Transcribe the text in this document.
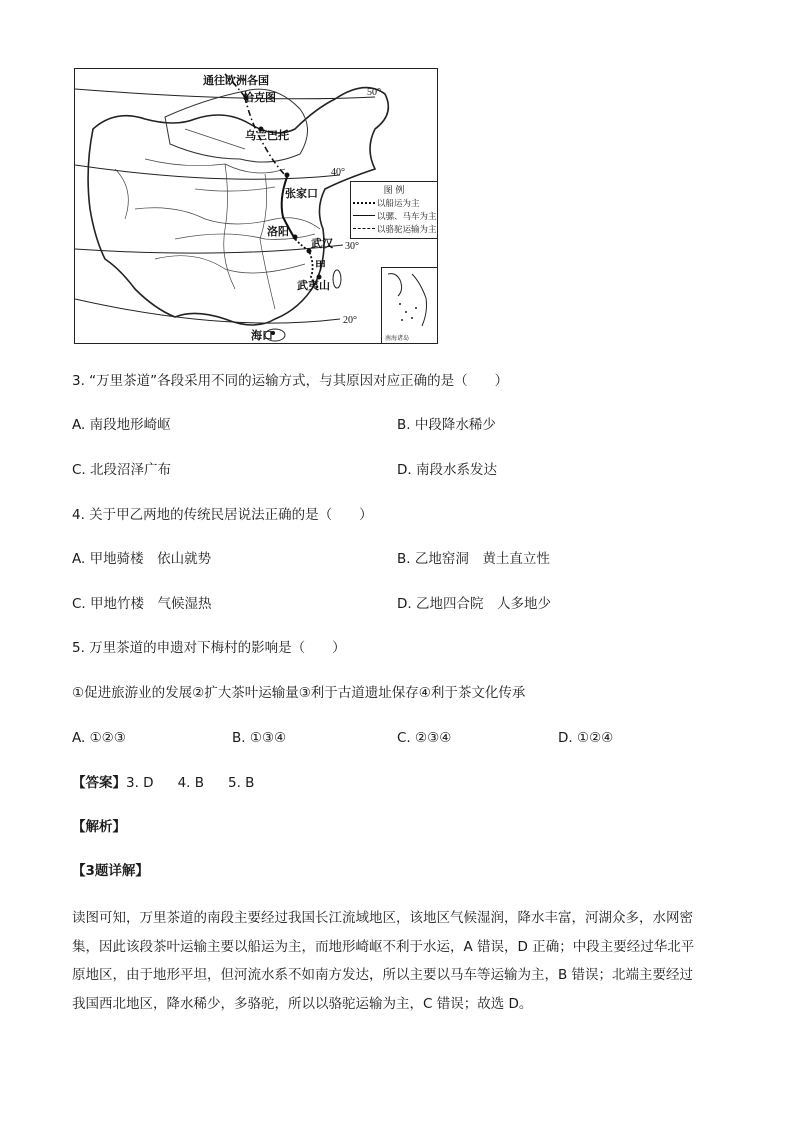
通往欧洲各国
恰克图
乌兰巴托
张家口
洛阳
武汉
甲
武夷山
海口
50°
40°
30°
20°
图 例
以船运为主
以骡、马车为主
以骆驼运输为主
南海诸岛
3. “万里茶道”各段采用不同的运输方式，与其原因对应正确的是（　　）
A. 南段地形崎岖	B. 中段降水稀少
C. 北段沼泽广布	D. 南段水系发达
4. 关于甲乙两地的传统民居说法正确的是（　　）
A. 甲地骑楼　依山就势	B. 乙地窑洞　黄土直立性
C. 甲地竹楼　气候湿热	D. 乙地四合院　人多地少
5. 万里茶道的申遗对下梅村的影响是（　　）
①促进旅游业的发展②扩大茶叶运输量③利于古道遗址保存④利于茶文化传承
A. ①②③	B. ①③④	C. ②③④	D. ①②④
【答案】3. D 4. B 5. B
【解析】
【3题详解】
读图可知，万里茶道的南段主要经过我国长江流域地区，该地区气候湿润，降水丰富，河湖众多，水网密
集，因此该段茶叶运输主要以船运为主，而地形崎岖不利于水运，A 错误，D 正确；中段主要经过华北平
原地区，由于地形平坦，但河流水系不如南方发达，所以主要以马车等运输为主，B 错误；北端主要经过
我国西北地区，降水稀少，多骆驼，所以以骆驼运输为主，C 错误；故选 D。
